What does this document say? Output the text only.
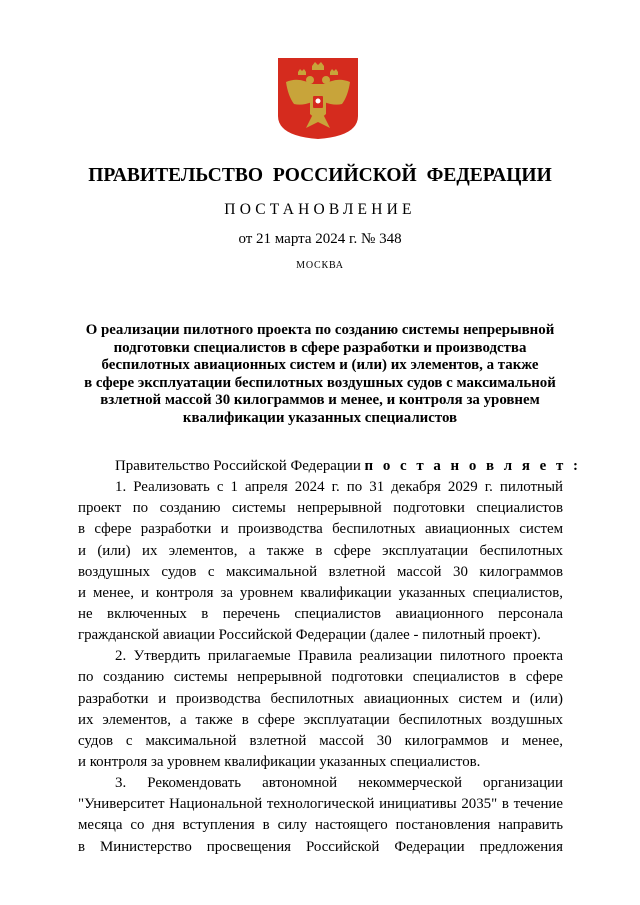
ПРАВИТЕЛЬСТВО РОССИЙСКОЙ ФЕДЕРАЦИИ
ПОСТАНОВЛЕНИЕ
от 21 марта 2024 г. № 348
МОСКВА
О реализации пилотного проекта по созданию системы непрерывной
подготовки специалистов в сфере разработки и производства
беспилотных авиационных систем и (или) их элементов, а также
в сфере эксплуатации беспилотных воздушных судов с максимальной
взлетной массой 30 килограммов и менее, и контроля за уровнем
квалификации указанных специалистов
Правительство Российской Федерации п о с т а н о в л я е т :
1. Реализовать с 1 апреля 2024 г. по 31 декабря 2029 г. пилотный
проект по созданию системы непрерывной подготовки специалистов
в сфере разработки и производства беспилотных авиационных систем
и (или) их элементов, а также в сфере эксплуатации беспилотных
воздушных судов с максимальной взлетной массой 30 килограммов
и менее, и контроля за уровнем квалификации указанных специалистов,
не включенных в перечень специалистов авиационного персонала
гражданской авиации Российской Федерации (далее - пилотный проект).
2. Утвердить прилагаемые Правила реализации пилотного проекта
по созданию системы непрерывной подготовки специалистов в сфере
разработки и производства беспилотных авиационных систем и (или)
их элементов, а также в сфере эксплуатации беспилотных воздушных
судов с максимальной взлетной массой 30 килограммов и менее,
и контроля за уровнем квалификации указанных специалистов.
3. Рекомендовать автономной некоммерческой организации
"Университет Национальной технологической инициативы 2035" в течение
месяца со дня вступления в силу настоящего постановления направить
в Министерство просвещения Российской Федерации предложения
